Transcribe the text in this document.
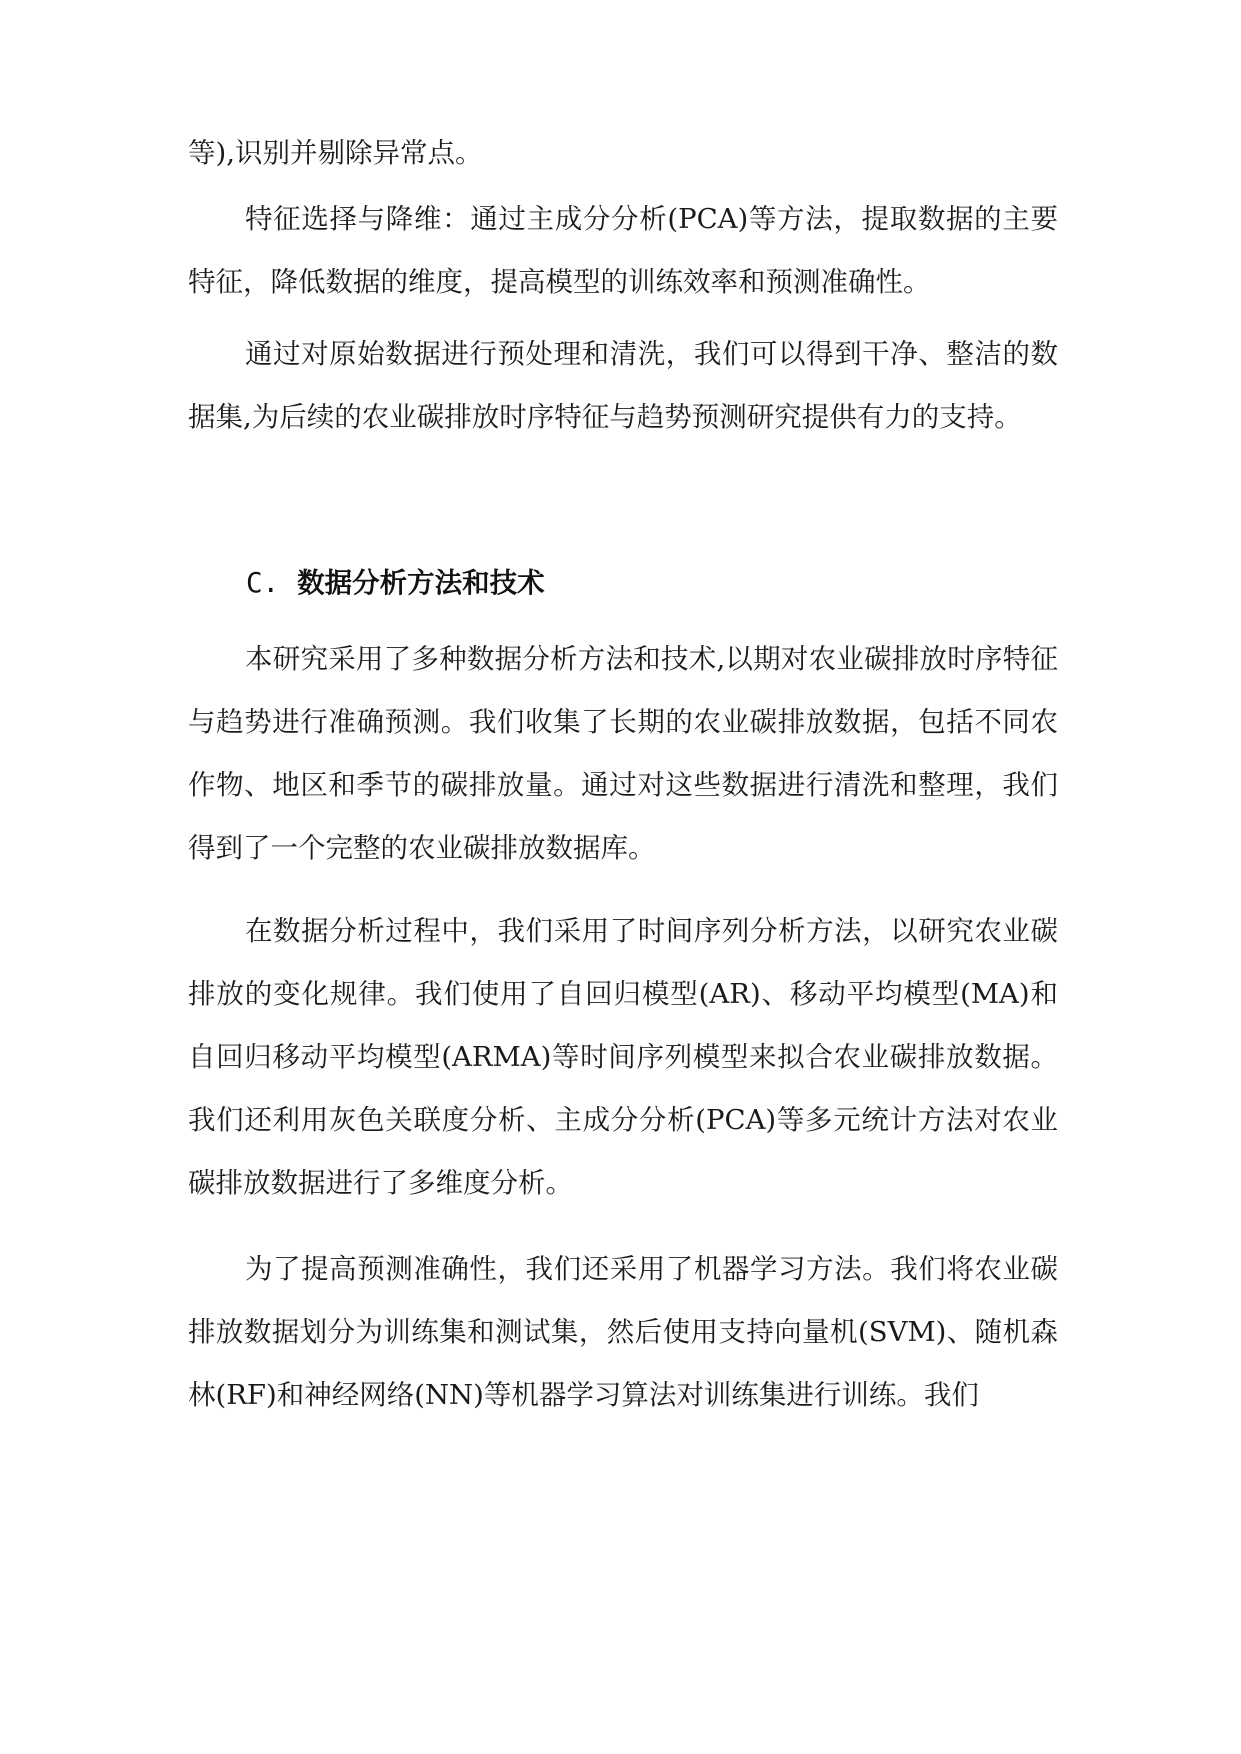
等),识别并剔除异常点。

特征选择与降维：通过主成分分析(PCA)等方法，提取数据的主要特征，降低数据的维度，提高模型的训练效率和预测准确性。

通过对原始数据进行预处理和清洗，我们可以得到干净、整洁的数据集,为后续的农业碳排放时序特征与趋势预测研究提供有力的支持。

C. 数据分析方法和技术

本研究采用了多种数据分析方法和技术,以期对农业碳排放时序特征与趋势进行准确预测。我们收集了长期的农业碳排放数据，包括不同农作物、地区和季节的碳排放量。通过对这些数据进行清洗和整理，我们得到了一个完整的农业碳排放数据库。

在数据分析过程中，我们采用了时间序列分析方法，以研究农业碳排放的变化规律。我们使用了自回归模型(AR)、移动平均模型(MA)和自回归移动平均模型(ARMA)等时间序列模型来拟合农业碳排放数据。我们还利用灰色关联度分析、主成分分析(PCA)等多元统计方法对农业碳排放数据进行了多维度分析。

为了提高预测准确性，我们还采用了机器学习方法。我们将农业碳排放数据划分为训练集和测试集，然后使用支持向量机(SVM)、随机森林(RF)和神经网络(NN)等机器学习算法对训练集进行训练。我们
